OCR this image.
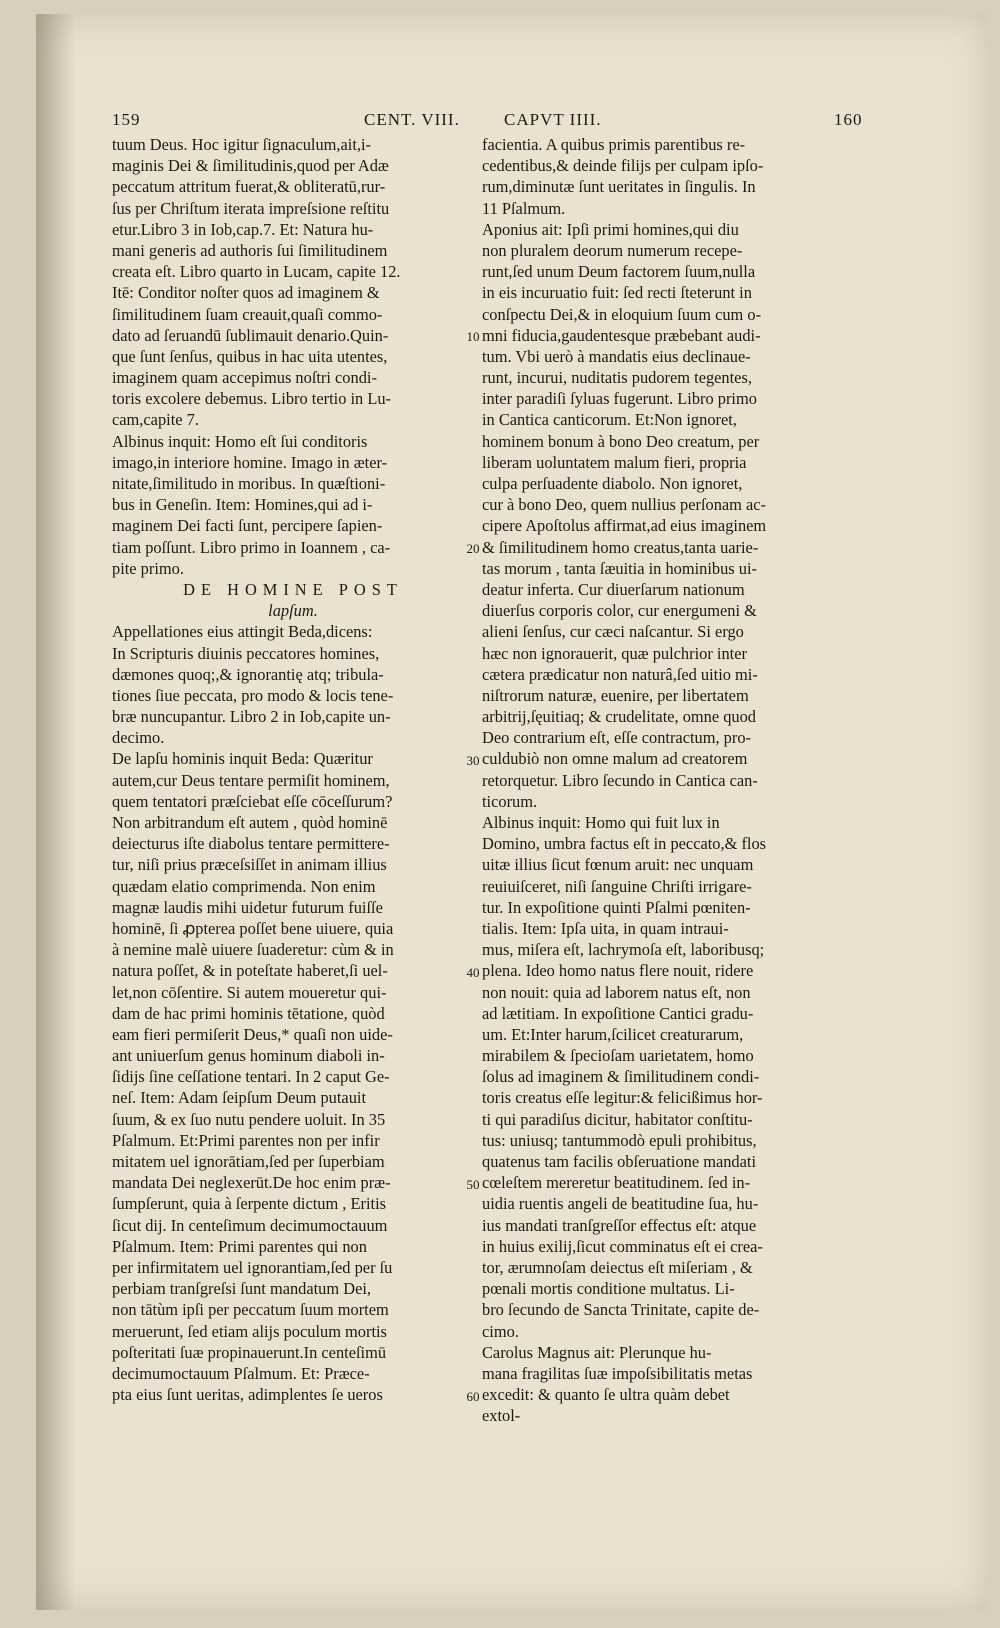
159	CENT. VIII.	CAPVT IIII.	160
tuum Deus. Hoc igitur ſignaculum,ait,i-
maginis Dei & ſimilitudinis,quod per Adæ
peccatum attritum fuerat,& obliteratū,rur-
ſus per Chriſtum iterata impreſsione reſtitu
etur.Libro 3 in Iob,cap.7. Et: Natura hu-
mani generis ad authoris ſui ſimilitudinem
creata eſt. Libro quarto in Lucam, capite 12.
Itē: Conditor noſter quos ad imaginem &
ſimilitudinem ſuam creauit,quaſi commo-
dato ad ſeruandū ſublimauit denario.Quin-
que ſunt ſenſus, quibus in hac uita utentes,
imaginem quam accepimus noſtri condi-
toris excolere debemus. Libro tertio in Lu-
cam,capite 7.
Albinus inquit: Homo eſt ſui conditoris
imago,in interiore homine. Imago in æter-
nitate,ſimilitudo in moribus. In quæſtioni-
bus in Geneſin. Item: Homines,qui ad i-
maginem Dei facti ſunt, percipere ſapien-
tiam poſſunt. Libro primo in Ioannem , ca-
pite primo.
DE HOMINE POST
lapſum.
Appellationes eius attingit Beda,dicens:
In Scripturis diuinis peccatores homines,
dæmones quoq;,& ignorantię atq; tribula-
tiones ſiue peccata, pro modo & locis tene-
bræ nuncupantur. Libro 2 in Iob,capite un-
decimo.
De lapſu hominis inquit Beda: Quæritur
autem,cur Deus tentare permiſit hominem,
quem tentatori præſciebat eſſe cōceſſurum?
Non arbitrandum eſt autem , quòd hominē
deiecturus iſte diabolus tentare permittere-
tur, niſi prius præceſsiſſet in animam illius
quædam elatio comprimenda. Non enim
magnæ laudis mihi uidetur futurum fuiſſe
hominē, ſi ꝓpterea poſſet bene uiuere, quia
à nemine malè uiuere ſuaderetur: cùm & in
natura poſſet, & in poteſtate haberet,ſi uel-
let,non cōſentire. Si autem moueretur qui-
dam de hac primi hominis tētatione, quòd
eam fieri permiſerit Deus,* quaſi non uide-
ant uniuerſum genus hominum diaboli in-
ſidijs ſine ceſſatione tentari. In 2 caput Ge-
neſ. Item: Adam ſeipſum Deum putauit
ſuum, & ex ſuo nutu pendere uoluit. In 35
Pſalmum. Et:Primi parentes non per infir
mitatem uel ignorātiam,ſed per ſuperbiam
mandata Dei neglexerūt.De hoc enim præ-
ſumpſerunt, quia à ſerpente dictum , Eritis
ſicut dij. In centeſimum decimumoctauum
Pſalmum. Item: Primi parentes qui non
per infirmitatem uel ignorantiam,ſed per ſu
perbiam tranſgreſsi ſunt mandatum Dei,
non tātùm ipſi per peccatum ſuum mortem
meruerunt, ſed etiam alijs poculum mortis
poſteritati ſuæ propinauerunt.In centeſimū
decimumoctauum Pſalmum. Et: Præce-
pta eius ſunt ueritas, adimplentes ſe ueros
facientia. A quibus primis parentibus re-
cedentibus,& deinde filijs per culpam ipſo-
rum,diminutæ ſunt ueritates in ſingulis. In
11 Pſalmum.
Aponius ait: Ipſi primi homines,qui diu
non pluralem deorum numerum recepe-
runt,ſed unum Deum factorem ſuum,nulla
in eis incuruatio fuit: ſed recti ſteterunt in
conſpectu Dei,& in eloquium ſuum cum o-
mni fiducia,gaudentesque præbebant audi-
tum. Vbi uerò à mandatis eius declinaue-
runt, incurui, nuditatis pudorem tegentes,
inter paradiſi ſyluas fugerunt. Libro primo
in Cantica canticorum. Et:Non ignoret,
hominem bonum à bono Deo creatum, per
liberam uoluntatem malum fieri, propria
culpa perſuadente diabolo. Non ignoret,
cur à bono Deo, quem nullius perſonam ac-
cipere Apoſtolus affirmat,ad eius imaginem
& ſimilitudinem homo creatus,tanta uarie-
tas morum , tanta ſæuitia in hominibus ui-
deatur inferta. Cur diuerſarum nationum
diuerſus corporis color, cur energumeni &
alieni ſenſus, cur cæci naſcantur. Si ergo
hæc non ignorauerit, quæ pulchrior inter
cætera prædicatur non naturâ,ſed uitio mi-
niſtrorum naturæ, euenire, per libertatem
arbitrij,ſęuitiaq; & crudelitate, omne quod
Deo contrarium eſt, eſſe contractum, pro-
culdubiò non omne malum ad creatorem
retorquetur. Libro ſecundo in Cantica can-
ticorum.
Albinus inquit: Homo qui fuit lux in
Domino, umbra factus eſt in peccato,& flos
uitæ illius ſicut fœnum aruit: nec unquam
reuiuiſceret, niſi ſanguine Chriſti irrigare-
tur. In expoſitione quinti Pſalmi pœniten-
tialis. Item: Ipſa uita, in quam intraui-
mus, miſera eſt, lachrymoſa eſt, laboribusq;
plena. Ideo homo natus flere nouit, ridere
non nouit: quia ad laborem natus eſt, non
ad lætitiam. In expoſitione Cantici gradu-
um. Et:Inter harum,ſcilicet creaturarum,
mirabilem & ſpecioſam uarietatem, homo
ſolus ad imaginem & ſimilitudinem condi-
toris creatus eſſe legitur:& felicißimus hor-
ti qui paradiſus dicitur, habitator conſtitu-
tus: uniusq; tantummodò epuli prohibitus,
quatenus tam facilis obſeruatione mandati
cœleſtem mereretur beatitudinem. ſed in-
uidia ruentis angeli de beatitudine ſua, hu-
ius mandati tranſgreſſor effectus eſt: atque
in huius exilij,ſicut comminatus eſt ei crea-
tor, ærumnoſam deiectus eſt miſeriam , &
pœnali mortis conditione multatus. Li-
bro ſecundo de Sancta Trinitate, capite de-
cimo.
Carolus Magnus ait: Plerunque hu-
mana fragilitas ſuæ impoſsibilitatis metas
excedit: & quanto ſe ultra quàm debet
extol-
10
20
30
40
50
60
